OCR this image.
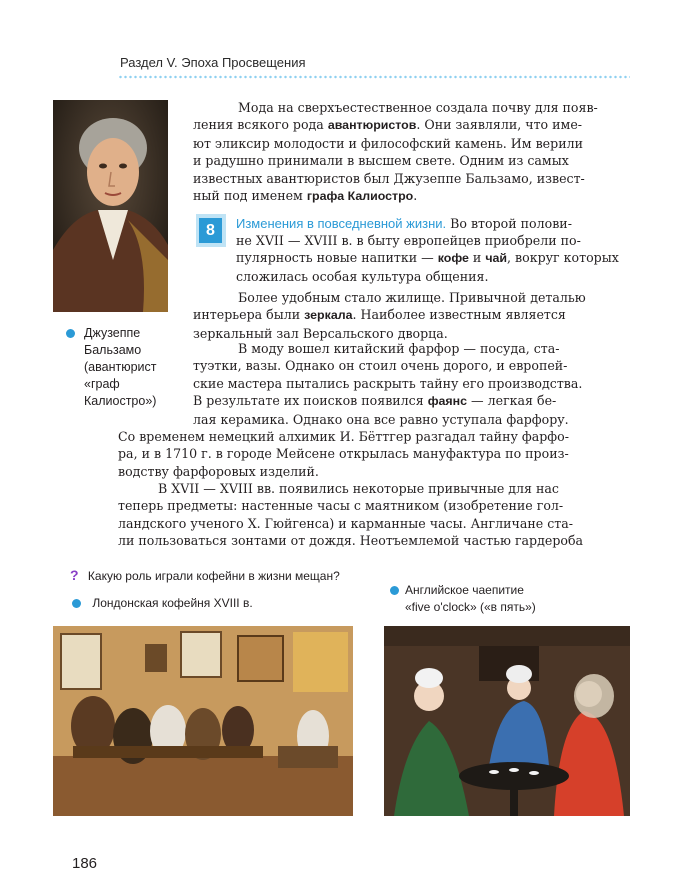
Раздел V. Эпоха Просвещения
Джузеппе
Бальзамо
(авантюрист
«граф
Калиостро»)
Мода на сверхъестественное создала почву для появ-
ления всякого рода авантюристов. Они заявляли, что име-
ют эликсир молодости и философский камень. Им верили
и радушно принимали в высшем свете. Одним из самых
известных авантюристов был Джузеппе Бальзамо, извест-
ный под именем графа Калиостро.
8	Изменения в повседневной жизни. Во второй полови-
не XVII — XVIII в. в быту европейцев приобрели по-
пулярность новые напитки — кофе и чай, вокруг которых
сложилась особая культура общения.
Более удобным стало жилище. Привычной деталью
интерьера были зеркала. Наиболее известным является
зеркальный зал Версальского дворца.
В моду вошел китайский фарфор — посуда, ста-
туэтки, вазы. Однако он стоил очень дорого, и европей-
ские мастера пытались раскрыть тайну его производства.
В результате их поисков появился фаянс — легкая бе-
лая керамика. Однако она все равно уступала фарфору.
Со временем немецкий алхимик И. Бёттгер разгадал тайну фарфо-
ра, и в 1710 г. в городе Мейсене открылась мануфактура по произ-
водству фарфоровых изделий.
В XVII — XVIII вв. появились некоторые привычные для нас
теперь предметы: настенные часы с маятником (изобретение гол-
ландского ученого Х. Гюйгенса) и карманные часы. Англичане ста-
ли пользоваться зонтами от дождя. Неотъемлемой частью гардероба
? Какую роль играли кофейни в жизни мещан?
Лондонская кофейня XVIII в.
Английское чаепитие
«five o'clock» («в пять»)
186
